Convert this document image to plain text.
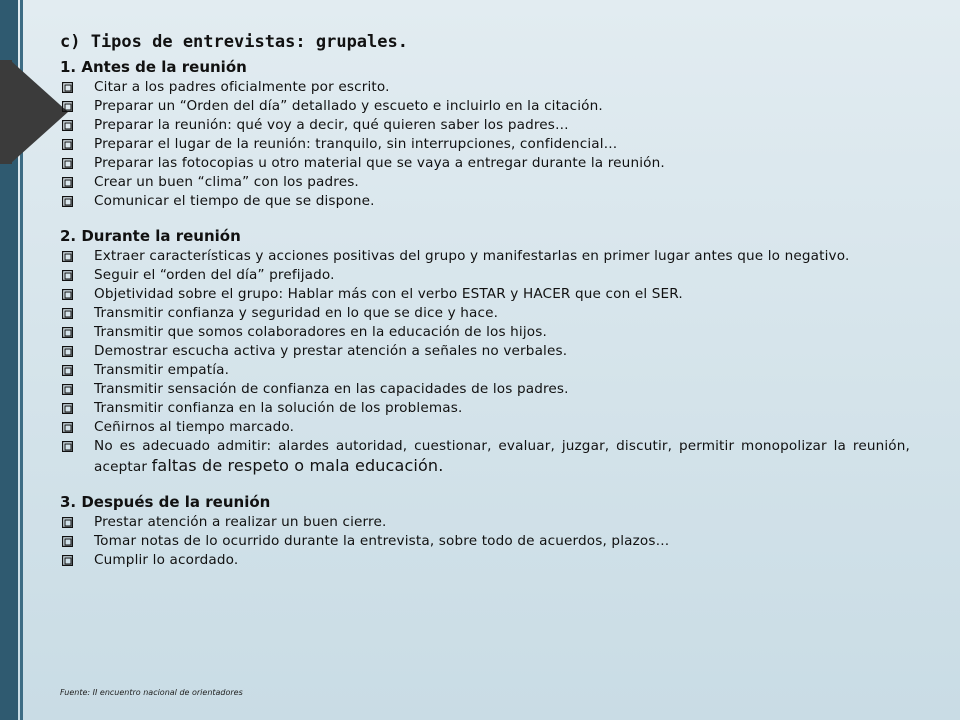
c) Tipos de entrevistas: grupales.
1. Antes de la reunión
Citar a los padres oficialmente por escrito.
Preparar un “Orden del día” detallado y escueto e incluirlo en la citación.
Preparar la reunión: qué voy a decir, qué quieren saber los padres…
Preparar el lugar de la reunión: tranquilo, sin interrupciones, confidencial…
Preparar las fotocopias u otro material que se vaya a entregar durante la reunión.
Crear un buen “clima” con los padres.
Comunicar el tiempo de que se dispone.
2. Durante la reunión
Extraer características y acciones positivas del grupo y manifestarlas en primer lugar antes que lo negativo.
Seguir el “orden del día” prefijado.
Objetividad sobre el grupo: Hablar más con el verbo ESTAR y HACER que con el SER.
Transmitir confianza y seguridad en lo que se dice y hace.
Transmitir que somos colaboradores en la educación de los hijos.
Demostrar escucha activa y prestar atención a señales no verbales.
Transmitir empatía.
Transmitir sensación de confianza en las capacidades de los padres.
Transmitir confianza en la solución de los problemas.
Ceñirnos al tiempo marcado.
No es adecuado admitir: alardes autoridad, cuestionar, evaluar, juzgar, discutir, permitir monopolizar la reunión, aceptar faltas de respeto o mala educación.
3. Después de la reunión
Prestar atención a realizar un buen cierre.
Tomar notas de lo ocurrido durante la entrevista, sobre todo de acuerdos, plazos…
Cumplir lo acordado.
Fuente: II encuentro nacional de orientadores
